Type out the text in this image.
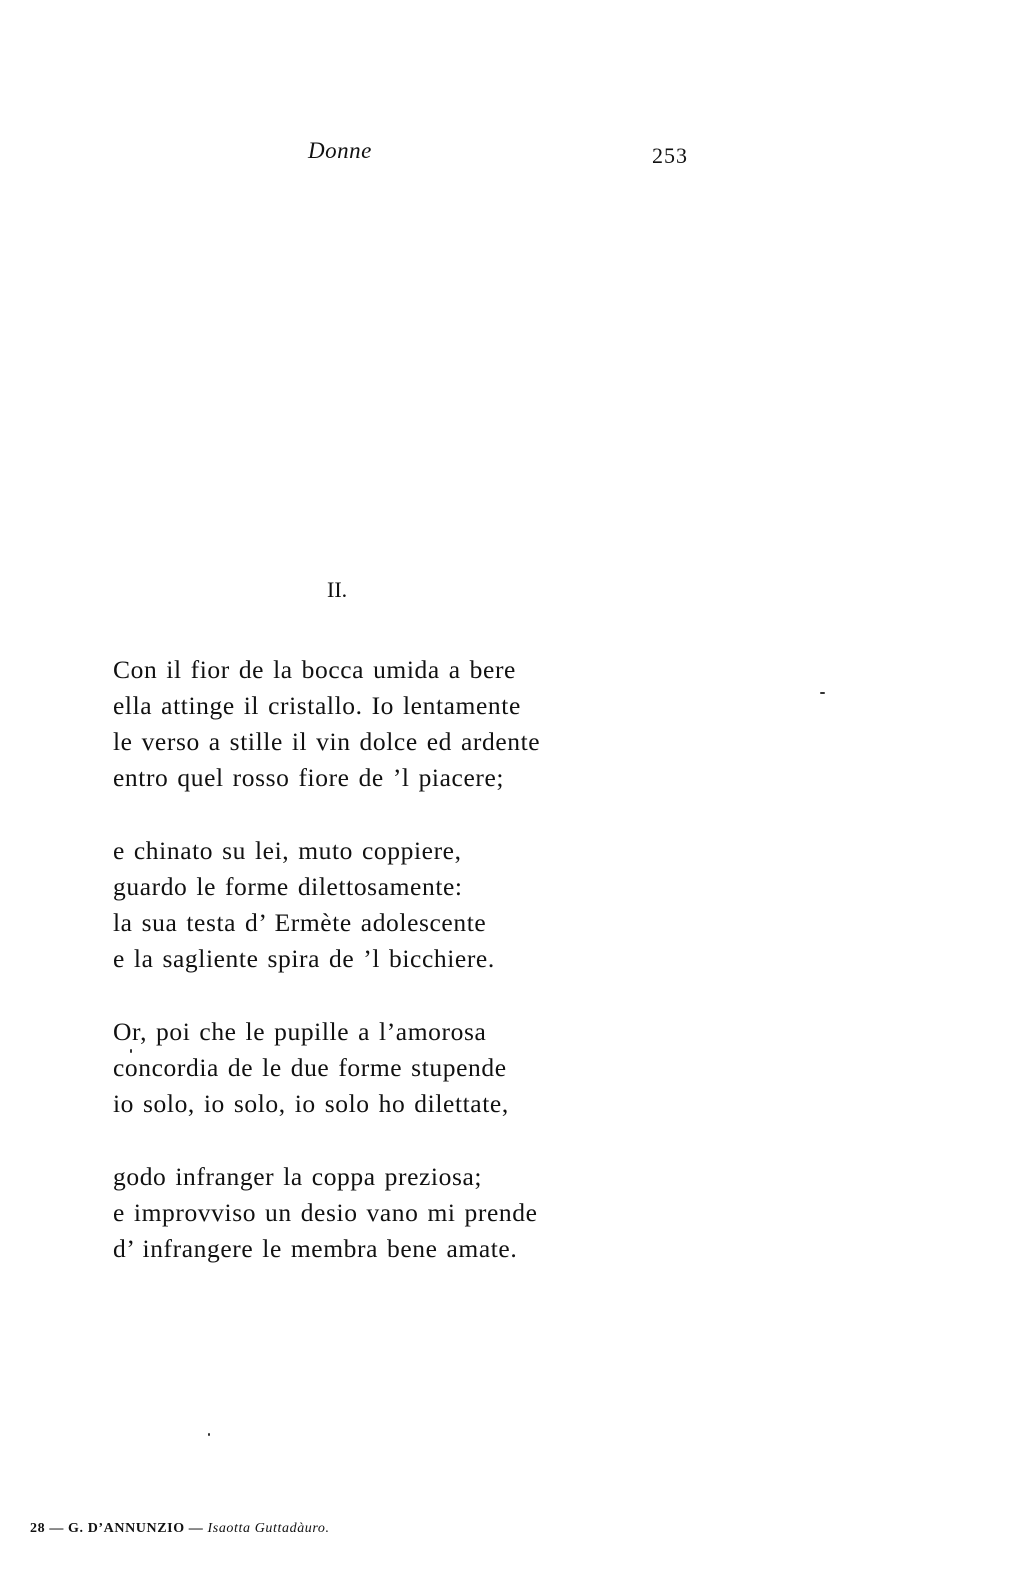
Donne	253
II.
Con il fior de la bocca umida a bere
ella attinge il cristallo. Io lentamente
le verso a stille il vin dolce ed ardente
entro quel rosso fiore de ’l piacere;
e chinato su lei, muto coppiere,
guardo le forme dilettosamente:
la sua testa d’ Ermète adolescente
e la sagliente spira de ’l bicchiere.
Or, poi che le pupille a l’amorosa
concordia de le due forme stupende
io solo, io solo, io solo ho dilettate,
godo infranger la coppa preziosa;
e improvviso un desio vano mi prende
d’ infrangere le membra bene amate.
28 — G. D’ANNUNZIO — Isaotta Guttadàuro.
